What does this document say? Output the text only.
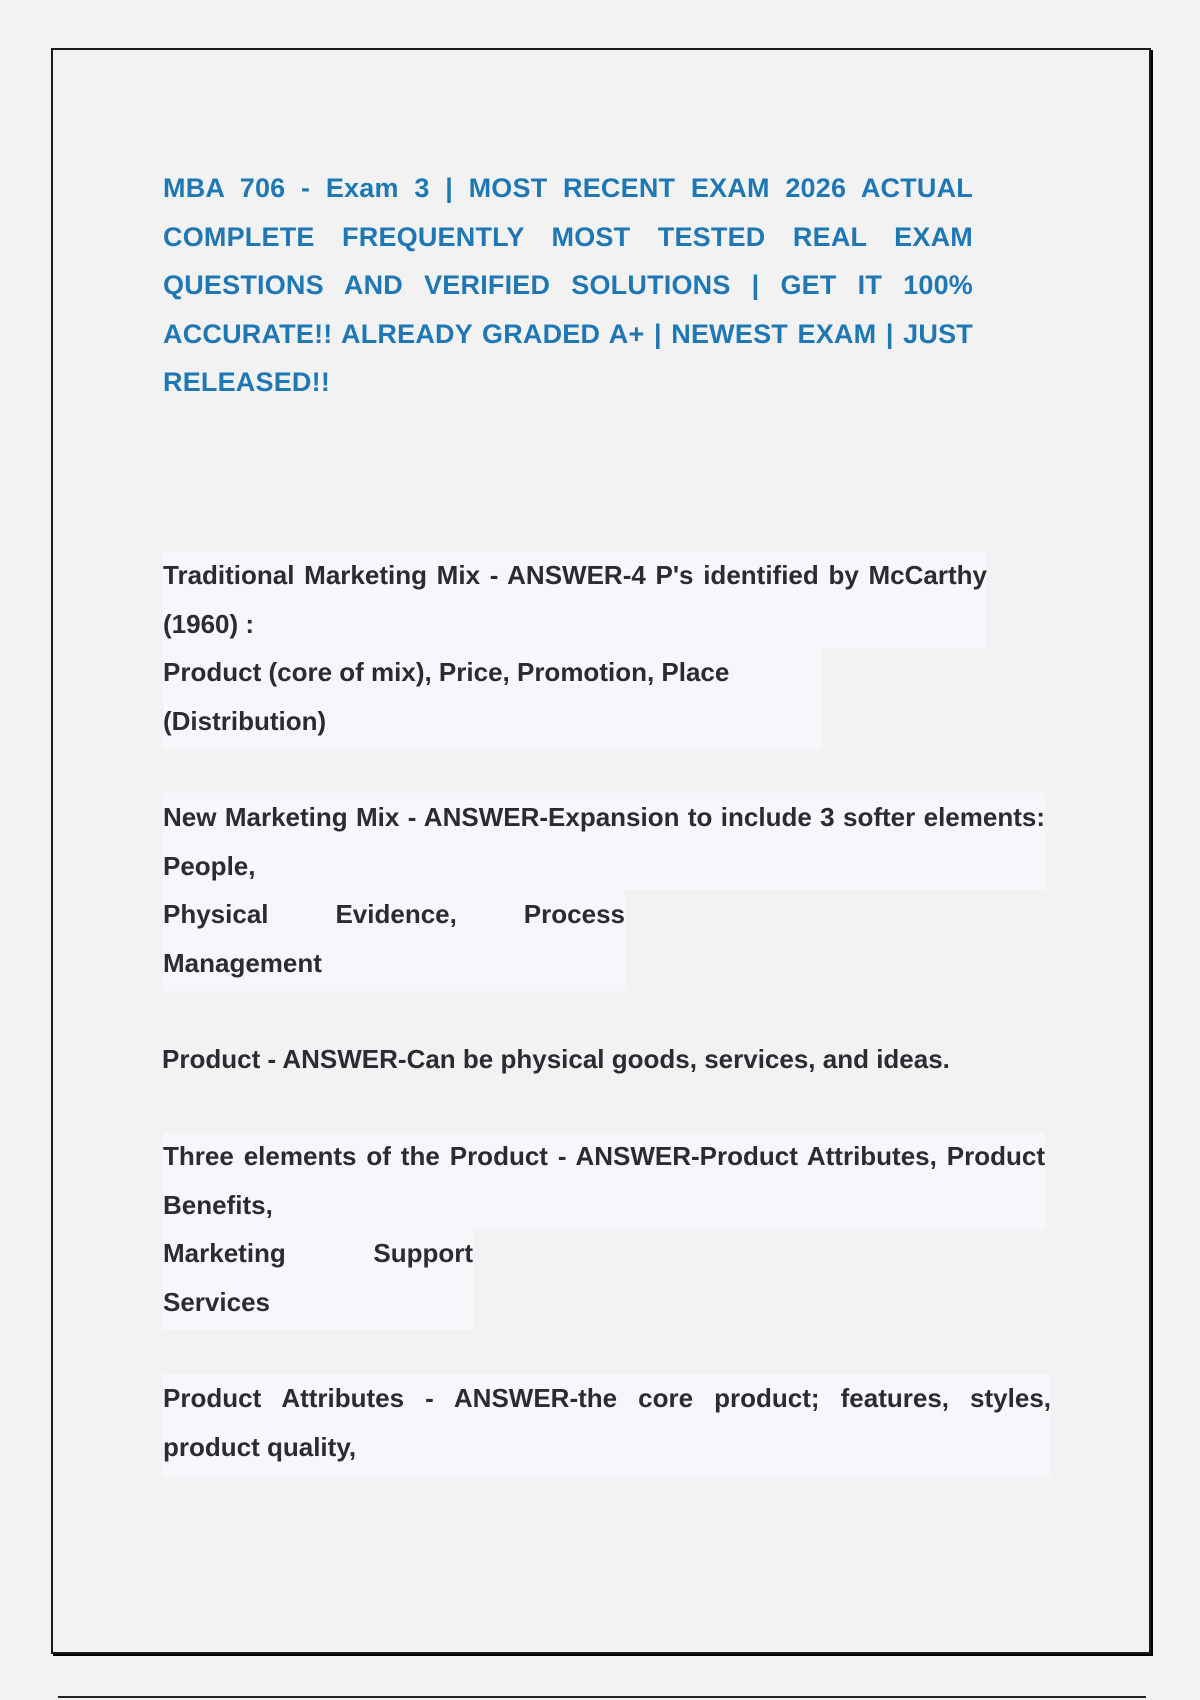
MBA 706 - Exam 3 | MOST RECENT EXAM 2026 ACTUAL COMPLETE FREQUENTLY MOST TESTED REAL EXAM QUESTIONS AND VERIFIED SOLUTIONS | GET IT 100% ACCURATE!! ALREADY GRADED A+ | NEWEST EXAM | JUST RELEASED!!
Traditional Marketing Mix - ANSWER-4 P's identified by McCarthy (1960) :
Product (core of mix), Price, Promotion, Place (Distribution)
New Marketing Mix - ANSWER-Expansion to include 3 softer elements: People,
Physical Evidence, Process
Management
Product - ANSWER-Can be physical goods, services, and ideas.
Three elements of the Product - ANSWER-Product Attributes, Product Benefits,
Marketing Support
Services
Product Attributes - ANSWER-the core product; features, styles, product quality,
